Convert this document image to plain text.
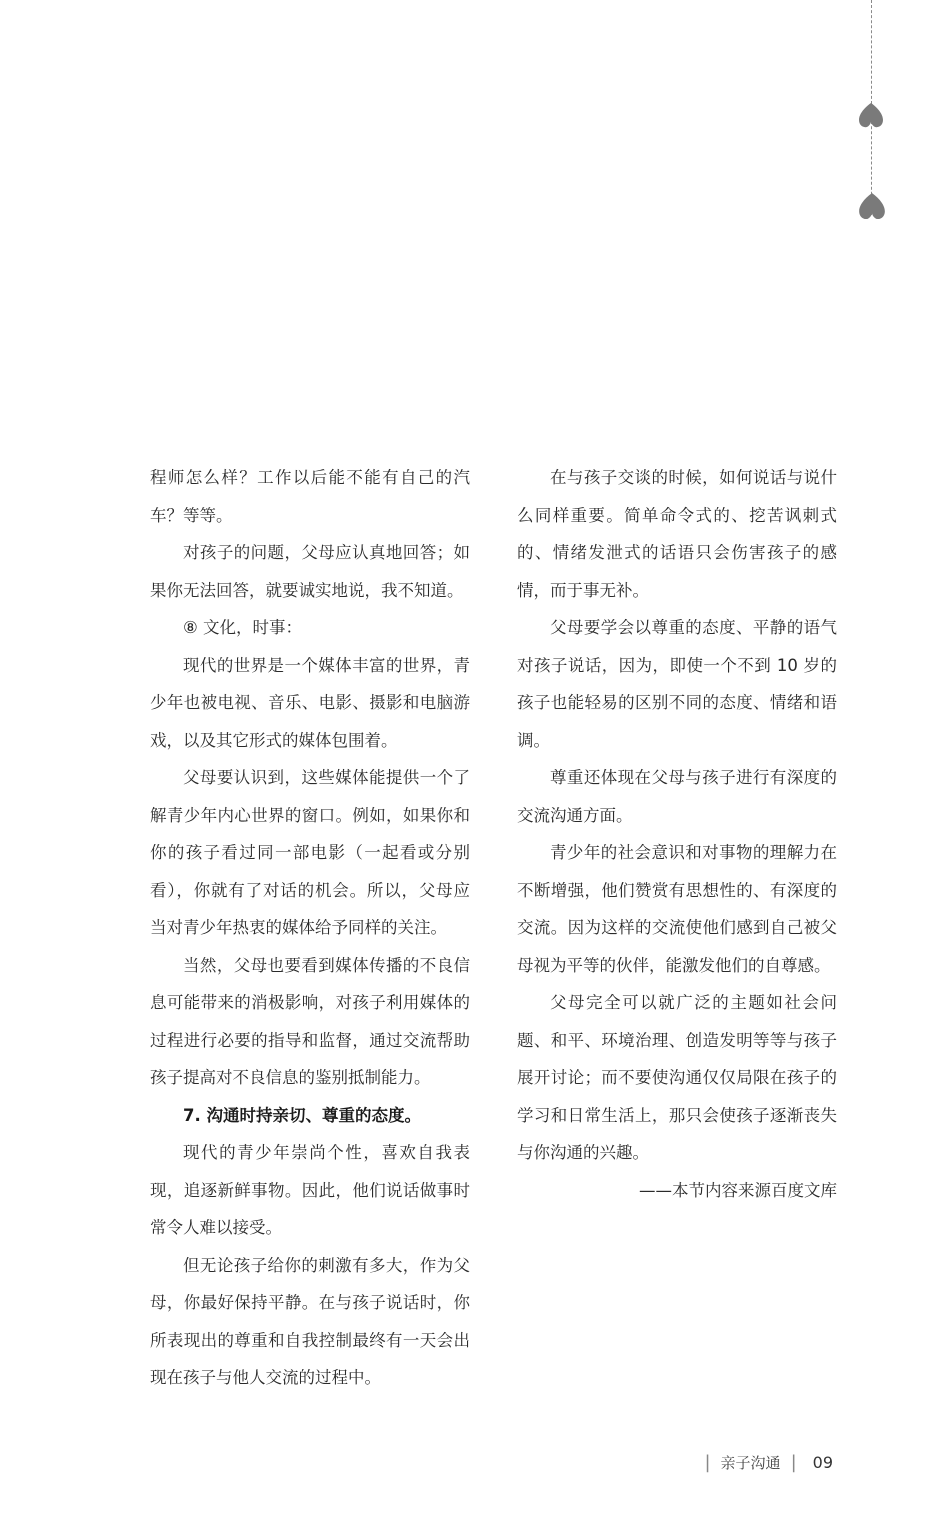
程师怎么样？工作以后能不能有自己的汽车？等等。

对孩子的问题，父母应认真地回答；如果你无法回答，就要诚实地说，我不知道。

⑧ 文化，时事：

现代的世界是一个媒体丰富的世界，青少年也被电视、音乐、电影、摄影和电脑游戏，以及其它形式的媒体包围着。

父母要认识到，这些媒体能提供一个了解青少年内心世界的窗口。例如，如果你和你的孩子看过同一部电影（一起看或分别看），你就有了对话的机会。所以，父母应当对青少年热衷的媒体给予同样的关注。

当然，父母也要看到媒体传播的不良信息可能带来的消极影响，对孩子利用媒体的过程进行必要的指导和监督，通过交流帮助孩子提高对不良信息的鉴别抵制能力。

7. 沟通时持亲切、尊重的态度。

现代的青少年崇尚个性，喜欢自我表现，追逐新鲜事物。因此，他们说话做事时常令人难以接受。

但无论孩子给你的刺激有多大，作为父母，你最好保持平静。在与孩子说话时，你所表现出的尊重和自我控制最终有一天会出现在孩子与他人交流的过程中。

在与孩子交谈的时候，如何说话与说什么同样重要。简单命令式的、挖苦讽刺式的、情绪发泄式的话语只会伤害孩子的感情，而于事无补。

父母要学会以尊重的态度、平静的语气对孩子说话，因为，即使一个不到 10 岁的孩子也能轻易的区别不同的态度、情绪和语调。

尊重还体现在父母与孩子进行有深度的交流沟通方面。

青少年的社会意识和对事物的理解力在不断增强，他们赞赏有思想性的、有深度的交流。因为这样的交流使他们感到自己被父母视为平等的伙伴，能激发他们的自尊感。

父母完全可以就广泛的主题如社会问题、和平、环境治理、创造发明等等与孩子展开讨论；而不要使沟通仅仅局限在孩子的学习和日常生活上，那只会使孩子逐渐丧失与你沟通的兴趣。

——本节内容来源百度文库

| 亲子沟通 | 09
